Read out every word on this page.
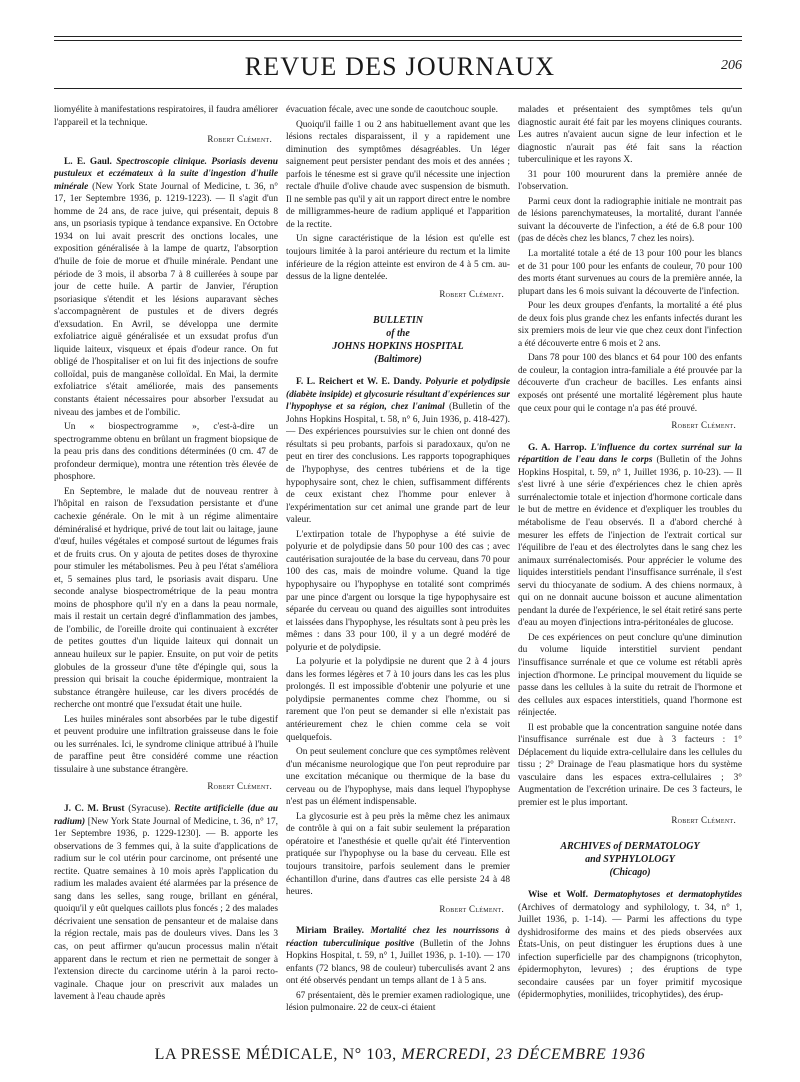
REVUE DES JOURNAUX	206

liomyélite à manifestations respiratoires, il faudra améliorer l'appareil et la technique.

Robert Clément.

L. E. Gaul. Spectroscopie clinique. Psoriasis devenu pustuleux et eczémateux à la suite d'ingestion d'huile minérale (New York State Journal of Medicine, t. 36, n° 17, 1er Septembre 1936, p. 1219-1223). — Il s'agit d'un homme de 24 ans, de race juive, qui présentait, depuis 8 ans, un psoriasis typique à tendance expansive. En Octobre 1934 on lui avait prescrit des onctions locales, une exposition généralisée à la lampe de quartz, l'absorption d'huile de foie de morue et d'huile minérale. Pendant une période de 3 mois, il absorba 7 à 8 cuillerées à soupe par jour de cette huile. A partir de Janvier, l'éruption psoriasique s'étendit et les lésions auparavant sèches s'accompagnèrent de pustules et de divers degrés d'exsudation. En Avril, se développa une dermite exfoliatrice aiguë généralisée et un exsudat profus d'un liquide laiteux, visqueux et épais d'odeur rance. On fut obligé de l'hospitaliser et on lui fit des injections de soufre colloïdal, puis de manganèse colloïdal. En Mai, la dermite exfoliatrice s'était améliorée, mais des pansements constants étaient nécessaires pour absorber l'exsudat au niveau des jambes et de l'ombilic.

Un « biospectrogramme », c'est-à-dire un spectrogramme obtenu en brûlant un fragment biopsique de la peau pris dans des conditions déterminées (0 cm. 47 de profondeur dermique), montra une rétention très élevée de phosphore.

En Septembre, le malade dut de nouveau rentrer à l'hôpital en raison de l'exsudation persistante et d'une cachexie générale. On le mit à un régime alimentaire déminéralisé et hydrique, privé de tout lait ou laitage, jaune d'œuf, huiles végétales et composé surtout de légumes frais et de fruits crus. On y ajouta de petites doses de thyroxine pour stimuler les métabolismes. Peu à peu l'état s'améliora et, 5 semaines plus tard, le psoriasis avait disparu. Une seconde analyse biospectrométrique de la peau montra moins de phosphore qu'il n'y en a dans la peau normale, mais il restait un certain degré d'inflammation des jambes, de l'ombilic, de l'oreille droite qui continuaient à excréter de petites gouttes d'un liquide laiteux qui donnait un anneau huileux sur le papier. Ensuite, on put voir de petits globules de la grosseur d'une tête d'épingle qui, sous la pression qui brisait la couche épidermique, montraient la substance étrangère huileuse, car les divers procédés de recherche ont montré que l'exsudat était une huile.

Les huiles minérales sont absorbées par le tube digestif et peuvent produire une infiltration graisseuse dans le foie ou les surrénales. Ici, le syndrome clinique attribué à l'huile de paraffine peut être considéré comme une réaction tissulaire à une substance étrangère.

Robert Clément.

J. C. M. Brust (Syracuse). Rectite artificielle (due au radium) [New York State Journal of Medicine, t. 36, n° 17, 1er Septembre 1936, p. 1229-1230]. — B. apporte les observations de 3 femmes qui, à la suite d'applications de radium sur le col utérin pour carcinome, ont présenté une rectite. Quatre semaines à 10 mois après l'application du radium les malades avaient été alarmées par la présence de sang dans les selles, sang rouge, brillant en général, quoiqu'il y eût quelques caillots plus foncés ; 2 des malades décrivaient une sensation de pensanteur et de malaise dans la région rectale, mais pas de douleurs vives. Dans les 3 cas, on peut affirmer qu'aucun processus malin n'était apparent dans le rectum et rien ne permettait de songer à l'extension directe du carcinome utérin à la paroi recto-vaginale. Chaque jour on prescrivit aux malades un lavement à l'eau chaude après

évacuation fécale, avec une sonde de caoutchouc souple.

Quoiqu'il faille 1 ou 2 ans habituellement avant que les lésions rectales disparaissent, il y a rapidement une diminution des symptômes désagréables. Un léger saignement peut persister pendant des mois et des années ; parfois le ténesme est si grave qu'il nécessite une injection rectale d'huile d'olive chaude avec suspension de bismuth. Il ne semble pas qu'il y ait un rapport direct entre le nombre de milligrammes-heure de radium appliqué et l'apparition de la rectite.

Un signe caractéristique de la lésion est qu'elle est toujours limitée à la paroi antérieure du rectum et la limite inférieure de la région atteinte est environ de 4 à 5 cm. au-dessus de la ligne dentelée.

Robert Clément.
BULLETIN
of the
JOHNS HOPKINS HOSPITAL
(Baltimore)

F. L. Reichert et W. E. Dandy. Polyurie et polydipsie (diabète insipide) et glycosurie résultant d'expériences sur l'hypophyse et sa région, chez l'animal (Bulletin of the Johns Hopkins Hospital, t. 58, n° 6, Juin 1936, p. 418-427). — Des expériences poursuivies sur le chien ont donné des résultats si peu probants, parfois si paradoxaux, qu'on ne peut en tirer des conclusions. Les rapports topographiques de l'hypophyse, des centres tubériens et de la tige hypophysaire sont, chez le chien, suffisamment différents de ceux existant chez l'homme pour enlever à l'expérimentation sur cet animal une grande part de leur valeur.

L'extirpation totale de l'hypophyse a été suivie de polyurie et de polydipsie dans 50 pour 100 des cas ; avec cautérisation surajoutée de la base du cerveau, dans 70 pour 100 des cas, mais de moindre volume. Quand la tige hypophysaire ou l'hypophyse en totalité sont comprimés par une pince d'argent ou lorsque la tige hypophysaire est séparée du cerveau ou quand des aiguilles sont introduites et laissées dans l'hypophyse, les résultats sont à peu près les mêmes : dans 33 pour 100, il y a un degré modéré de polyurie et de polydipsie.

La polyurie et la polydipsie ne durent que 2 à 4 jours dans les formes légères et 7 à 10 jours dans les cas les plus prolongés. Il est impossible d'obtenir une polyurie et une polydipsie permanentes comme chez l'homme, ou si rarement que l'on peut se demander si elle n'existait pas antérieurement chez le chien comme cela se voit quelquefois.

On peut seulement conclure que ces symptômes relèvent d'un mécanisme neurologique que l'on peut reproduire par une excitation mécanique ou thermique de la base du cerveau ou de l'hypophyse, mais dans lequel l'hypophyse n'est pas un élément indispensable.

La glycosurie est à peu près la même chez les animaux de contrôle à qui on a fait subir seulement la préparation opératoire et l'anesthésie et quelle qu'ait été l'intervention pratiquée sur l'hypophyse ou la base du cerveau. Elle est toujours transitoire, parfois seulement dans le premier échantillon d'urine, dans d'autres cas elle persiste 24 à 48 heures.

Robert Clément.

Miriam Brailey. Mortalité chez les nourrissons à réaction tuberculinique positive (Bulletin of the Johns Hopkins Hospital, t. 59, n° 1, Juillet 1936, p. 1-10). — 170 enfants (72 blancs, 98 de couleur) tuberculisés avant 2 ans ont été observés pendant un temps allant de 1 à 5 ans.

67 présentaient, dès le premier examen radiologique, une lésion pulmonaire. 22 de ceux-ci étaient

malades et présentaient des symptômes tels qu'un diagnostic aurait été fait par les moyens cliniques courants. Les autres n'avaient aucun signe de leur infection et le diagnostic n'aurait pas été fait sans la réaction tuberculinique et les rayons X.

31 pour 100 moururent dans la première année de l'observation.

Parmi ceux dont la radiographie initiale ne montrait pas de lésions parenchymateuses, la mortalité, durant l'année suivant la découverte de l'infection, a été de 6.8 pour 100 (pas de décès chez les blancs, 7 chez les noirs).

La mortalité totale a été de 13 pour 100 pour les blancs et de 31 pour 100 pour les enfants de couleur, 70 pour 100 des morts étant survenues au cours de la première année, la plupart dans les 6 mois suivant la découverte de l'infection.

Pour les deux groupes d'enfants, la mortalité a été plus de deux fois plus grande chez les enfants infectés durant les six premiers mois de leur vie que chez ceux dont l'infection a été découverte entre 6 mois et 2 ans.

Dans 78 pour 100 des blancs et 64 pour 100 des enfants de couleur, la contagion intra-familiale a été prouvée par la découverte d'un cracheur de bacilles. Les enfants ainsi exposés ont présenté une mortalité légèrement plus haute que ceux pour qui le contage n'a pas été prouvé.

Robert Clément.

G. A. Harrop. L'influence du cortex surrénal sur la répartition de l'eau dans le corps (Bulletin of the Johns Hopkins Hospital, t. 59, n° 1, Juillet 1936, p. 10-23). — Il s'est livré à une série d'expériences chez le chien après surrénalectomie totale et injection d'hormone corticale dans le but de mettre en évidence et d'expliquer les troubles du métabolisme de l'eau observés. Il a d'abord cherché à mesurer les effets de l'injection de l'extrait cortical sur l'équilibre de l'eau et des électrolytes dans le sang chez les animaux surrénalectomisés. Pour apprécier le volume des liquides interstitiels pendant l'insuffisance surrénale, il s'est servi du thiocyanate de sodium. A des chiens normaux, à qui on ne donnait aucune boisson et aucune alimentation pendant la durée de l'expérience, le sel était retiré sans perte d'eau au moyen d'injections intra-péritonéales de glucose.

De ces expériences on peut conclure qu'une diminution du volume liquide interstitiel survient pendant l'insuffisance surrénale et que ce volume est rétabli après injection d'hormone. Le principal mouvement du liquide se passe dans les cellules à la suite du retrait de l'hormone et des cellules aux espaces interstitiels, quand l'hormone est réinjectée.

Il est probable que la concentration sanguine notée dans l'insuffisance surrénale est due à 3 facteurs : 1° Déplacement du liquide extra-cellulaire dans les cellules du tissu ; 2° Drainage de l'eau plasmatique hors du système vasculaire dans les espaces extra-cellulaires ; 3° Augmentation de l'excrétion urinaire. De ces 3 facteurs, le premier est le plus important.

Robert Clément.
ARCHIVES of DERMATOLOGY
and SYPHYLOLOGY
(Chicago)

Wise et Wolf. Dermatophytoses et dermatophytides (Archives of dermatology and syphilology, t. 34, n° 1, Juillet 1936, p. 1-14). — Parmi les affections du type dyshidrosiforme des mains et des pieds observées aux États-Unis, on peut distinguer les éruptions dues à une infection superficielle par des champignons (tricophyton, épidermophyton, levures) ; des éruptions de type secondaire causées par un foyer primitif mycosique (épidermophyties, moniliides, tricophytides), des érup-

LA PRESSE MÉDICALE, N° 103, MERCREDI, 23 DÉCEMBRE 1936
